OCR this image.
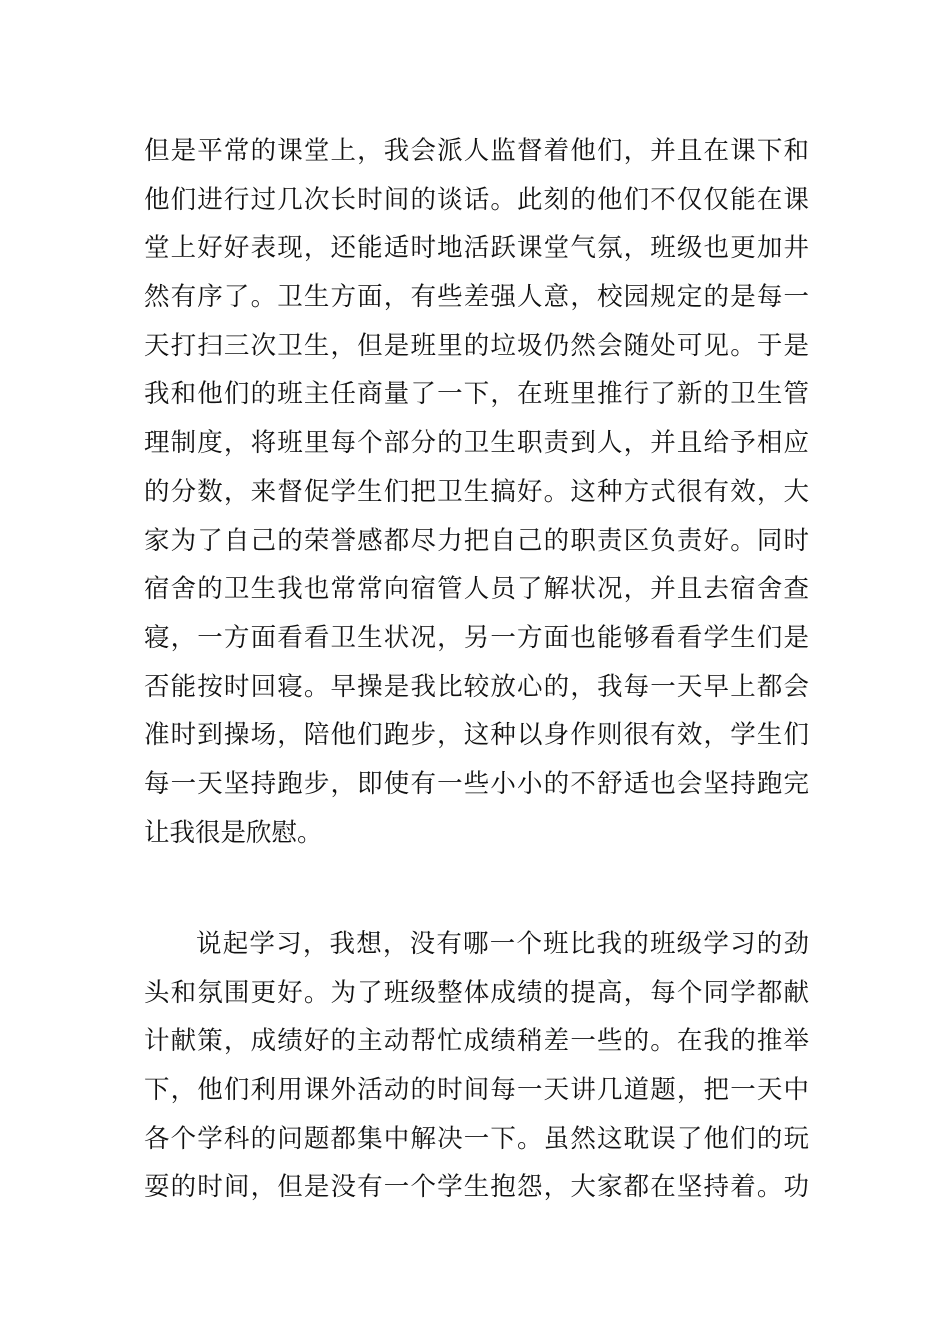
但是平常的课堂上，我会派人监督着他们，并且在课下和
他们进行过几次长时间的谈话。此刻的他们不仅仅能在课
堂上好好表现，还能适时地活跃课堂气氛，班级也更加井
然有序了。卫生方面，有些差强人意，校园规定的是每一
天打扫三次卫生，但是班里的垃圾仍然会随处可见。于是
我和他们的班主任商量了一下，在班里推行了新的卫生管
理制度，将班里每个部分的卫生职责到人，并且给予相应
的分数，来督促学生们把卫生搞好。这种方式很有效，大
家为了自己的荣誉感都尽力把自己的职责区负责好。同时
宿舍的卫生我也常常向宿管人员了解状况，并且去宿舍查
寝，一方面看看卫生状况，另一方面也能够看看学生们是
否能按时回寝。早操是我比较放心的，我每一天早上都会
准时到操场，陪他们跑步，这种以身作则很有效，学生们
每一天坚持跑步，即使有一些小小的不舒适也会坚持跑完
让我很是欣慰。
说起学习，我想，没有哪一个班比我的班级学习的劲
头和氛围更好。为了班级整体成绩的提高，每个同学都献
计献策，成绩好的主动帮忙成绩稍差一些的。在我的推举
下，他们利用课外活动的时间每一天讲几道题，把一天中
各个学科的问题都集中解决一下。虽然这耽误了他们的玩
耍的时间，但是没有一个学生抱怨，大家都在坚持着。功
